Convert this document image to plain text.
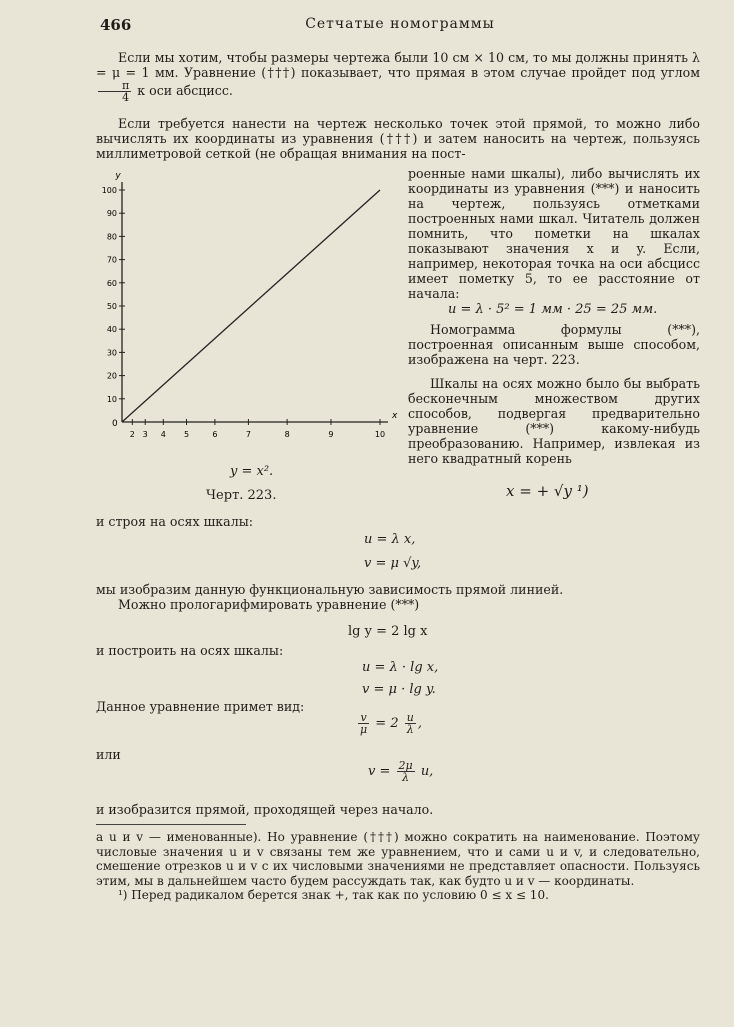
466	Сетчатые номограммы

Если мы хотим, чтобы размеры чертежа были 10 см × 10 см, то мы должны принять λ = μ = 1 мм. Уравнение (†††) показывает, что прямая в этом случае пройдет под углом
$\frac{\pi}{4}$ к оси абсцисс.

Если требуется нанести на чертеж несколько точек этой прямой, то можно либо вычислять их координаты из уравнения (†††) и затем наносить на чертеж, пользуясь миллиметровой сеткой (не обращая внимания на пост-

y
x
0
100
90
80
70
60
50
40
30
20
10
2 3 4 5	6	7	8	9	10
y = x².
Черт. 223.

роенные нами шкалы), либо вычислять их координаты из уравнения (***) и наносить на чертеж, пользуясь отметками построенных нами шкал. Читатель должен помнить, что пометки на шкалах показывают значения x и y. Если, например, некоторая точка на оси абсцисс имеет пометку 5, то ее расстояние от начала:

u = λ · 5² = 1 мм · 25 = 25 мм.

Номограмма формулы (***), построенная описанным выше способом, изображена на черт. 223.

Шкалы на осях можно было бы выбрать бесконечным множеством других способов, подвергая предварительно уравнение (***) какому-нибудь преобразованию. Например, извлекая из него квадратный корень

x = + √y ¹)

и строя на осях шкалы:

u = λ x,
v = μ √y,

мы изобразим данную функциональную зависимость прямой линией.
Можно прологарифмировать уравнение (***)

lg y = 2 lg x

и построить на осях шкалы:

u = λ · lg x,
v = μ · lg y.

Данное уравнение примет вид:

$\frac{v}{\mu} = 2 \frac{u}{\lambda}$ ,

или

$v = \frac{2\mu}{\lambda} u$,

и изобразится прямой, проходящей через начало.

а u и v — именованные). Но уравнение (†††) можно сократить на наименование. Поэтому числовые значения u и v связаны тем же уравнением, что и сами u и v, и следовательно, смешение отрезков u и v с их числовыми значениями не представляет опасности. Пользуясь этим, мы в дальнейшем часто будем рассуждать так, как будто u и v — координаты.
¹) Перед радикалом берется знак +, так как по условию 0 ≤ x ≤ 10.
